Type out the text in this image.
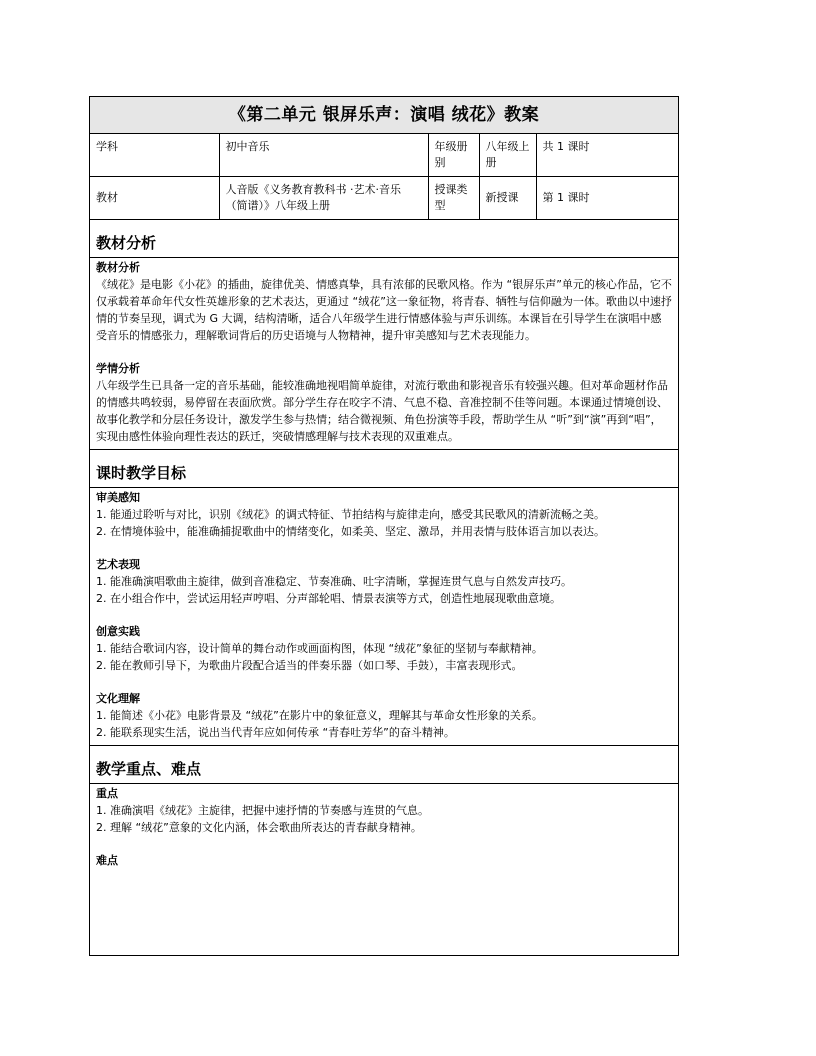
《第二单元 银屏乐声：演唱 绒花》教案
学科	初中音乐	年级册别	八年级上册	共 1 课时
教材	人音版《义务教育教科书 ·艺术·音乐（简谱）》八年级上册	授课类型	新授课	第 1 课时
教材分析

教材分析

《绒花》是电影《小花》的插曲，旋律优美、情感真挚，具有浓郁的民歌风格。作为 “银屏乐声”单元的核心作品，它不仅承载着革命年代女性英雄形象的艺术表达，更通过 “绒花”这一象征物，将青春、牺牲与信仰融为一体。歌曲以中速抒情的节奏呈现，调式为 G 大调，结构清晰，适合八年级学生进行情感体验与声乐训练。本课旨在引导学生在演唱中感受音乐的情感张力，理解歌词背后的历史语境与人物精神，提升审美感知与艺术表现能力。

学情分析

八年级学生已具备一定的音乐基础，能较准确地视唱简单旋律，对流行歌曲和影视音乐有较强兴趣。但对革命题材作品的情感共鸣较弱，易停留在表面欣赏。部分学生存在咬字不清、气息不稳、音准控制不佳等问题。本课通过情境创设、故事化教学和分层任务设计，激发学生参与热情；结合微视频、角色扮演等手段，帮助学生从 “听”到“演”再到“唱”，实现由感性体验向理性表达的跃迁，突破情感理解与技术表现的双重难点。

课时教学目标

审美感知

1. 能通过聆听与对比，识别《绒花》的调式特征、节拍结构与旋律走向，感受其民歌风的清新流畅之美。

2. 在情境体验中，能准确捕捉歌曲中的情绪变化，如柔美、坚定、激昂，并用表情与肢体语言加以表达。

艺术表现

1. 能准确演唱歌曲主旋律，做到音准稳定、节奏准确、吐字清晰，掌握连贯气息与自然发声技巧。

2. 在小组合作中，尝试运用轻声哼唱、分声部轮唱、情景表演等方式，创造性地展现歌曲意境。

创意实践

1. 能结合歌词内容，设计简单的舞台动作或画面构图，体现 “绒花”象征的坚韧与奉献精神。

2. 能在教师引导下，为歌曲片段配合适当的伴奏乐器（如口琴、手鼓），丰富表现形式。

文化理解

1. 能简述《小花》电影背景及 “绒花”在影片中的象征意义，理解其与革命女性形象的关系。

2. 能联系现实生活，说出当代青年应如何传承 “青春吐芳华”的奋斗精神。

教学重点、难点

重点

1. 准确演唱《绒花》主旋律，把握中速抒情的节奏感与连贯的气息。

2. 理解 “绒花”意象的文化内涵，体会歌曲所表达的青春献身精神。

难点
